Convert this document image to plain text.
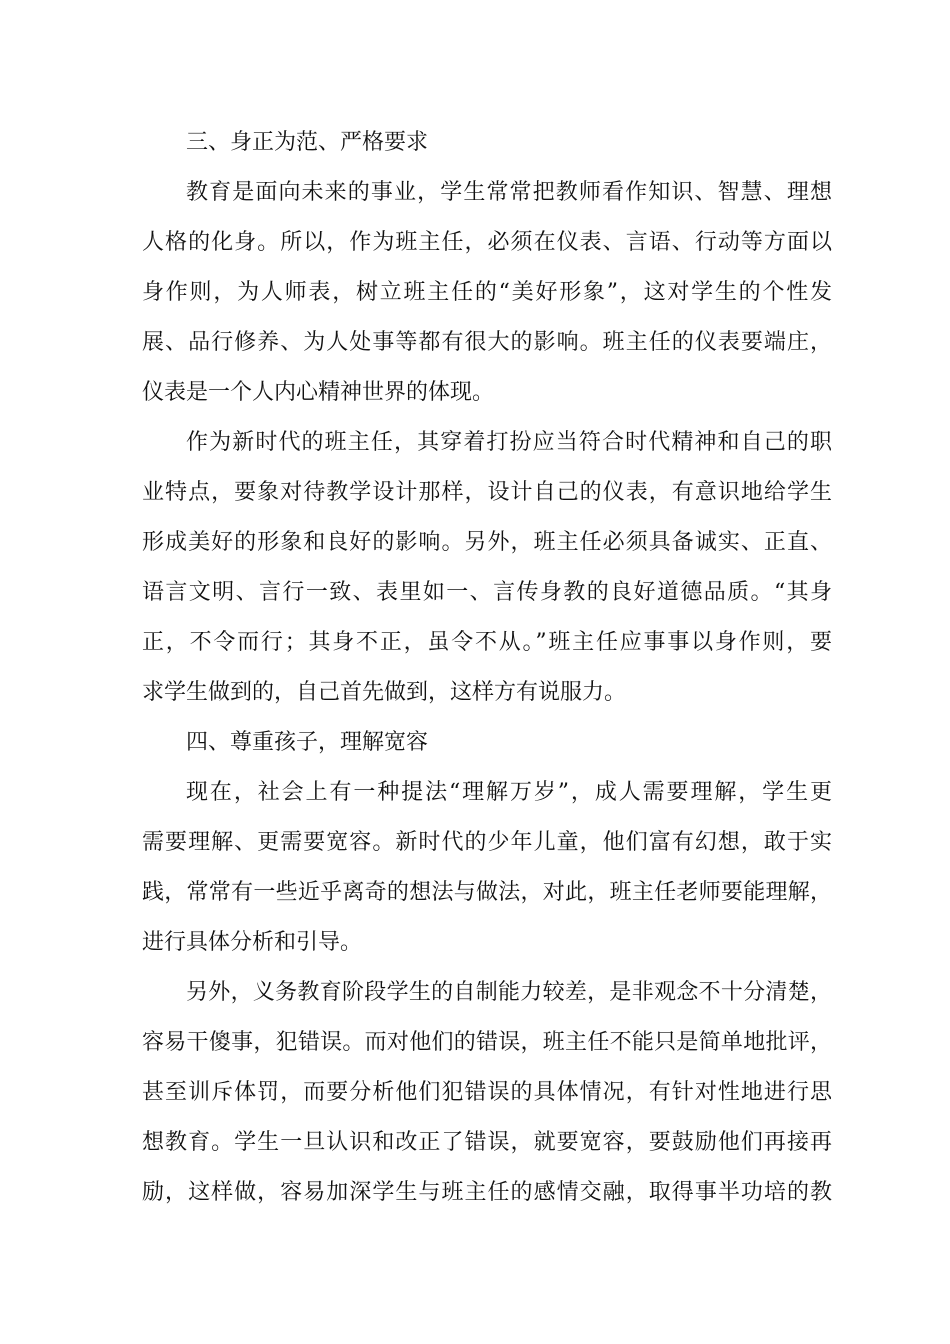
三、身正为范、严格要求
教育是面向未来的事业，学生常常把教师看作知识、智慧、理想
人格的化身。所以，作为班主任，必须在仪表、言语、行动等方面以
身作则，为人师表，树立班主任的“美好形象”，这对学生的个性发
展、品行修养、为人处事等都有很大的影响。班主任的仪表要端庄，
仪表是一个人内心精神世界的体现。
作为新时代的班主任，其穿着打扮应当符合时代精神和自己的职
业特点，要象对待教学设计那样，设计自己的仪表，有意识地给学生
形成美好的形象和良好的影响。另外，班主任必须具备诚实、正直、
语言文明、言行一致、表里如一、言传身教的良好道德品质。“其身
正，不令而行；其身不正，虽令不从。”班主任应事事以身作则，要
求学生做到的，自己首先做到，这样方有说服力。
四、尊重孩子，理解宽容
现在，社会上有一种提法“理解万岁”，成人需要理解，学生更
需要理解、更需要宽容。新时代的少年儿童，他们富有幻想，敢于实
践，常常有一些近乎离奇的想法与做法，对此，班主任老师要能理解，
进行具体分析和引导。
另外，义务教育阶段学生的自制能力较差，是非观念不十分清楚，
容易干傻事，犯错误。而对他们的错误，班主任不能只是简单地批评，
甚至训斥体罚，而要分析他们犯错误的具体情况，有针对性地进行思
想教育。学生一旦认识和改正了错误，就要宽容，要鼓励他们再接再
励，这样做，容易加深学生与班主任的感情交融，取得事半功培的教
